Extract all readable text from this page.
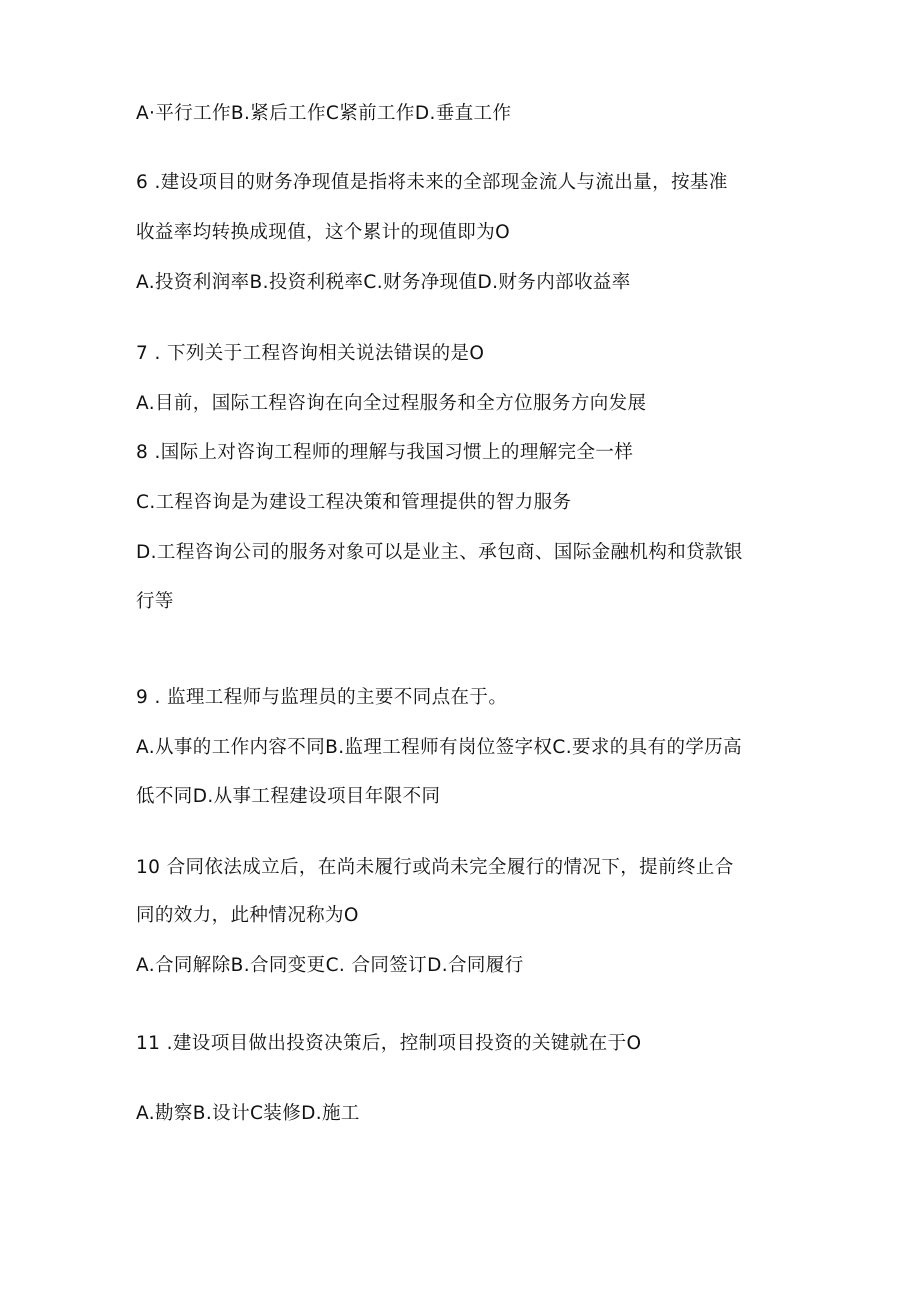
A·平行工作B.紧后工作C紧前工作D.垂直工作
6 .建设项目的财务净现值是指将未来的全部现金流人与流出量，按基准
收益率均转换成现值，这个累计的现值即为O
A.投资利润率B.投资利税率C.财务净现值D.财务内部收益率
7 . 下列关于工程咨询相关说法错误的是O
A.目前，国际工程咨询在向全过程服务和全方位服务方向发展
8 .国际上对咨询工程师的理解与我国习惯上的理解完全一样
C.工程咨询是为建设工程决策和管理提供的智力服务
D.工程咨询公司的服务对象可以是业主、承包商、国际金融机构和贷款银
行等
9 . 监理工程师与监理员的主要不同点在于。
A.从事的工作内容不同B.监理工程师有岗位签字权C.要求的具有的学历高
低不同D.从事工程建设项目年限不同
10 合同依法成立后，在尚未履行或尚未完全履行的情况下，提前终止合
同的效力，此种情况称为O
A.合同解除B.合同变更C. 合同签订D.合同履行
11 .建设项目做出投资决策后，控制项目投资的关键就在于O
A.勘察B.设计C装修D.施工
